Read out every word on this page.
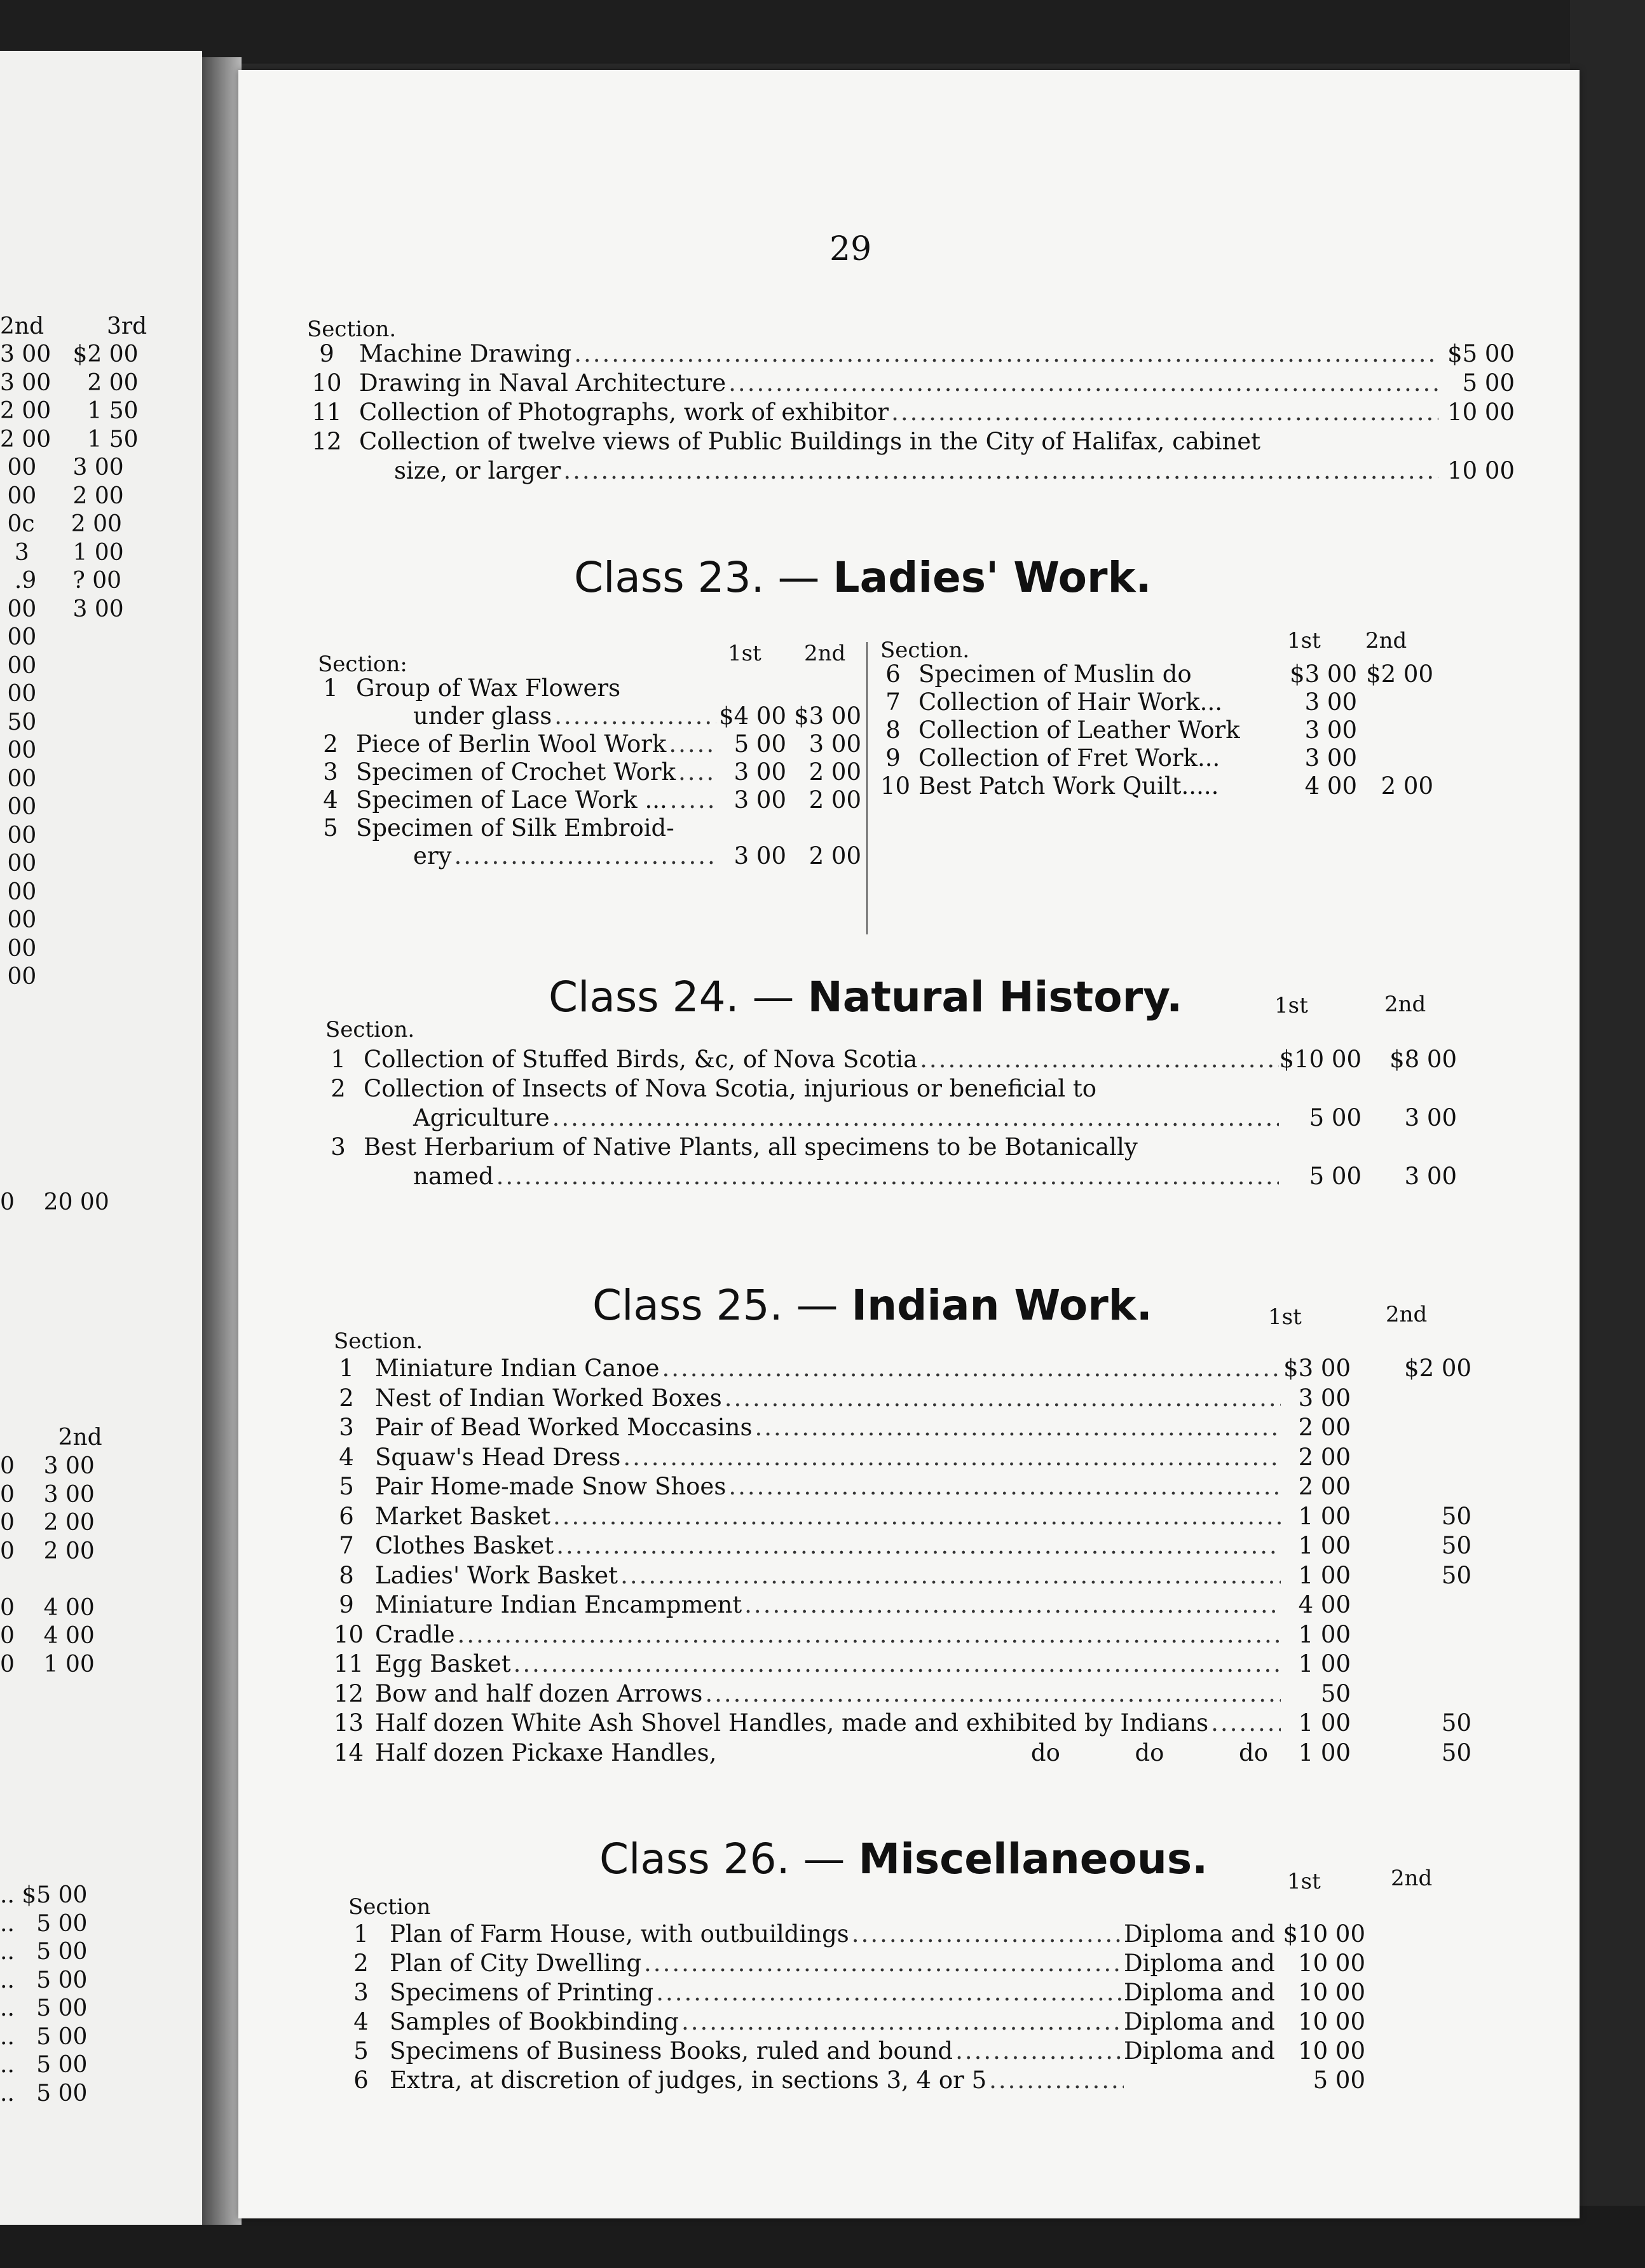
2nd	3rd
3 00   $2 00
3 00     2 00
2 00     1 50
2 00     1 50
00     3 00
00     2 00
0c     2 00
3      1 00
.9     ? 00
00     3 00
00
00
00
50
00
00
00
00
00
00
00
00
00
0    20 00
2nd
0    3 00
0    3 00
0    2 00
0    2 00
0    4 00
0    4 00
0    1 00
.. $5 00
..   5 00
..   5 00
..   5 00
..   5 00
..   5 00
..   5 00
..   5 00
29
Section.
9	Machine Drawing .....	$5 00
10 Drawing in Naval Architecture .....	5 00
11 Collection of Photographs, work of exhibitor .....	10 00
12 Collection of twelve views of Public Buildings in the City of Halifax, cabinet
size, or larger .....	10 00
Class 23. — Ladies' Work.
Section:	1st 2nd
1 Group of Wax Flowers
under glass .....	$4 00 $3 00
2 Piece of Berlin Wool Work .....	5 00 3 00
3 Specimen of Crochet Work .....	3 00 2 00
4 Specimen of Lace Work ... .....	3 00 2 00
5 Specimen of Silk Embroid-
ery .....	3 00 2 00
Section.	1st 2nd
6 Specimen of Muslin do	$3 00 $2 00
7 Collection of Hair Work...	3 00
8 Collection of Leather Work	3 00
9 Collection of Fret Work...	3 00
10 Best Patch Work Quilt.....	4 00	2 00
Class 24. — Natural History.	1st	2nd
Section.
1 Collection of Stuffed Birds, &c, of Nova Scotia .....	$10 00	$8 00
2 Collection of Insects of Nova Scotia, injurious or beneficial to
Agriculture .....	5 00	3 00
3 Best Herbarium of Native Plants, all specimens to be Botanically
named .....	5 00	3 00
Class 25. — Indian Work.	1st	2nd
Section.
1 Miniature Indian Canoe .....	$3 00	$2 00
2 Nest of Indian Worked Boxes .....	3 00
3 Pair of Bead Worked Moccasins .....	2 00
4 Squaw's Head Dress .....	2 00
5 Pair Home-made Snow Shoes .....	2 00
6 Market Basket .....	1 00	50
7 Clothes Basket .....	1 00	50
8 Ladies' Work Basket .....	1 00	50
9 Miniature Indian Encampment .....	4 00
10 Cradle .....	1 00
11 Egg Basket .....	1 00
12 Bow and half dozen Arrows .....	50
13 Half dozen White Ash Shovel Handles, made and exhibited by Indians .....	1 00	50
14 Half dozen Pickaxe Handles,	do          do          do	1 00	50
Class 26. — Miscellaneous.	1st	2nd
Section
1 Plan of Farm House, with outbuildings .....	Diploma and $10 00
2 Plan of City Dwelling .....	Diploma and 10 00
3 Specimens of Printing .....	Diploma and 10 00
4 Samples of Bookbinding .....	Diploma and 10 00
5 Specimens of Business Books, ruled and bound .....	Diploma and 10 00
6 Extra, at discretion of judges, in sections 3, 4 or 5 .....	5 00
